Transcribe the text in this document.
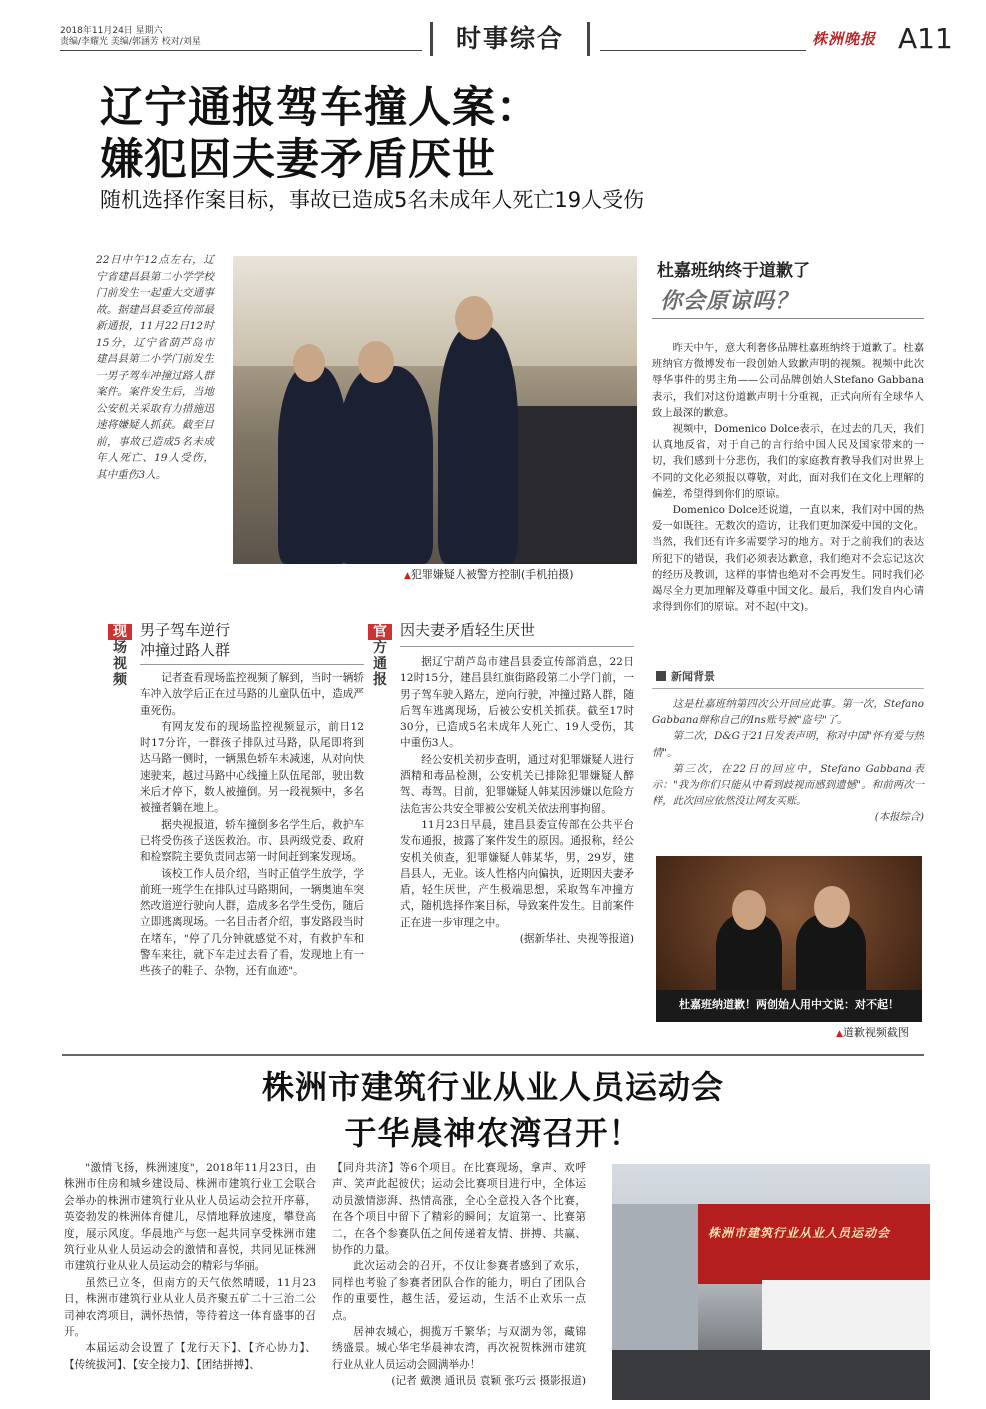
2018年11月24日 星期六
责编/李耀光 美编/郭涵芳 校对/刘星	时事综合	株洲晚报 A11
辽宁通报驾车撞人案：
嫌犯因夫妻矛盾厌世
随机选择作案目标，事故已造成5名未成年人死亡19人受伤
22日中午12点左右，辽宁省建昌县第二小学学校门前发生一起重大交通事故。据建昌县委宣传部最新通报，11月22日12时15分，辽宁省葫芦岛市建昌县第二小学门前发生一男子驾车冲撞过路人群案件。案件发生后，当地公安机关采取有力措施迅速将嫌疑人抓获。截至目前，事故已造成5名未成年人死亡、19人受伤，其中重伤3人。
▲犯罪嫌疑人被警方控制(手机拍摄)
杜嘉班纳终于道歉了
你会原谅吗？

昨天中午，意大利奢侈品牌杜嘉班纳终于道歉了。杜嘉班纳官方微博发布一段创始人致歉声明的视频。视频中此次辱华事件的男主角——公司品牌创始人Stefano Gabbana表示，我们对这份道歉声明十分重视，正式向所有全球华人致上最深的歉意。

视频中，Domenico Dolce表示，在过去的几天，我们认真地反省，对于自己的言行给中国人民及国家带来的一切，我们感到十分悲伤，我们的家庭教育教导我们对世界上不同的文化必须报以尊敬，对此，面对我们在文化上理解的偏差，希望得到你们的原谅。

Domenico Dolce还说道，一直以来，我们对中国的热爱一如既往。无数次的造访，让我们更加深爱中国的文化。当然，我们还有许多需要学习的地方。对于之前我们的表达所犯下的错误，我们必须表达歉意，我们绝对不会忘记这次的经历及教训，这样的事情也绝对不会再发生。同时我们必竭尽全力更加理解及尊重中国文化。最后，我们发自内心请求得到你们的原谅。对不起(中文)。

新闻背景

这是杜嘉班纳第四次公开回应此事。第一次，Stefano Gabbana辩称自己的Ins账号被"盗号"了。

第二次，D&G于21日发表声明，称对中国"怀有爱与热情"。

第三次，在22日的回应中，Stefano Gabbana表示："我为你们只能从中看到歧视而感到遗憾"。和前两次一样，此次回应依然没让网友买账。

(本报综合)
杜嘉班纳道歉！两创始人用中文说：对不起！
▲道歉视频截图
现
场
视
频
男子驾车逆行
冲撞过路人群

记者查看现场监控视频了解到，当时一辆轿车冲入放学后正在过马路的儿童队伍中，造成严重死伤。

有网友发布的现场监控视频显示，前日12时17分许，一群孩子排队过马路，队尾即将到达马路一侧时，一辆黑色轿车未减速，从对向快速驶来，越过马路中心线撞上队伍尾部，驶出数米后才停下，数人被撞倒。另一段视频中，多名被撞者躺在地上。

据央视报道，轿车撞倒多名学生后，救护车已将受伤孩子送医救治。市、县两级党委、政府和检察院主要负责同志第一时间赶到案发现场。

该校工作人员介绍，当时正值学生放学，学前班一班学生在排队过马路期间，一辆奥迪车突然改道逆行驶向人群，造成多名学生受伤，随后立即逃离现场。一名目击者介绍，事发路段当时在堵车，"停了几分钟就感觉不对，有救护车和警车来往，就下车走过去看了看，发现地上有一些孩子的鞋子、杂物，还有血迹"。

官
方
通
报
因夫妻矛盾轻生厌世

据辽宁葫芦岛市建昌县委宣传部消息，22日12时15分，建昌县红旗街路段第二小学门前，一男子驾车驶入路左，逆向行驶，冲撞过路人群，随后驾车逃离现场，后被公安机关抓获。截至17时30分，已造成5名未成年人死亡、19人受伤，其中重伤3人。

经公安机关初步查明，通过对犯罪嫌疑人进行酒精和毒品检测，公安机关已排除犯罪嫌疑人醉驾、毒驾。目前，犯罪嫌疑人韩某因涉嫌以危险方法危害公共安全罪被公安机关依法刑事拘留。

11月23日早晨，建昌县委宣传部在公共平台发布通报，披露了案件发生的原因。通报称，经公安机关侦查，犯罪嫌疑人韩某华，男，29岁，建昌县人，无业。该人性格内向偏执，近期因夫妻矛盾，轻生厌世，产生极端思想，采取驾车冲撞方式，随机选择作案目标，导致案件发生。目前案件正在进一步审理之中。

(据新华社、央视等报道)
株洲市建筑行业从业人员运动会
于华晨神农湾召开！

"激情飞扬，株洲速度"，2018年11月23日，由株洲市住房和城乡建设局、株洲市建筑行业工会联合会举办的株洲市建筑行业从业人员运动会拉开序幕，英姿勃发的株洲体育健儿，尽情地释放速度，攀登高度，展示风度。华晨地产与您一起共同享受株洲市建筑行业从业人员运动会的激情和喜悦，共同见证株洲市建筑行业从业人员运动会的精彩与华丽。

虽然已立冬，但南方的天气依然晴暖，11月23日，株洲市建筑行业从业人员齐聚五矿二十三治二公司神农湾项目，满怀热情，等待着这一体育盛事的召开。

本届运动会设置了【龙行天下】、【齐心协力】、【传统拔河】、【安全接力】、【团结拼搏】、

【同舟共济】等6个项目。在比赛现场，拿声、欢呼声、笑声此起彼伏；运动会比赛项目进行中，全体运动员激情澎湃、热情高涨，全心全意投入各个比赛，在各个项目中留下了精彩的瞬间；友谊第一、比赛第二，在各个参赛队伍之间传递着友情、拼搏、共赢、协作的力量。

此次运动会的召开，不仅让参赛者感到了欢乐，同样也考验了参赛者团队合作的能力，明白了团队合作的重要性，越生活，爱运动，生活不止欢乐一点点。

居神农城心，拥揽万千繁华；与双湖为邻，藏锦绣盛景。城心华宅华晨神农湾，再次祝贺株洲市建筑行业从业人员运动会圆满举办！

(记者 戴澳 通讯员 袁颖 张巧云 摄影报道)
株洲市建筑行业从业人员运动会
